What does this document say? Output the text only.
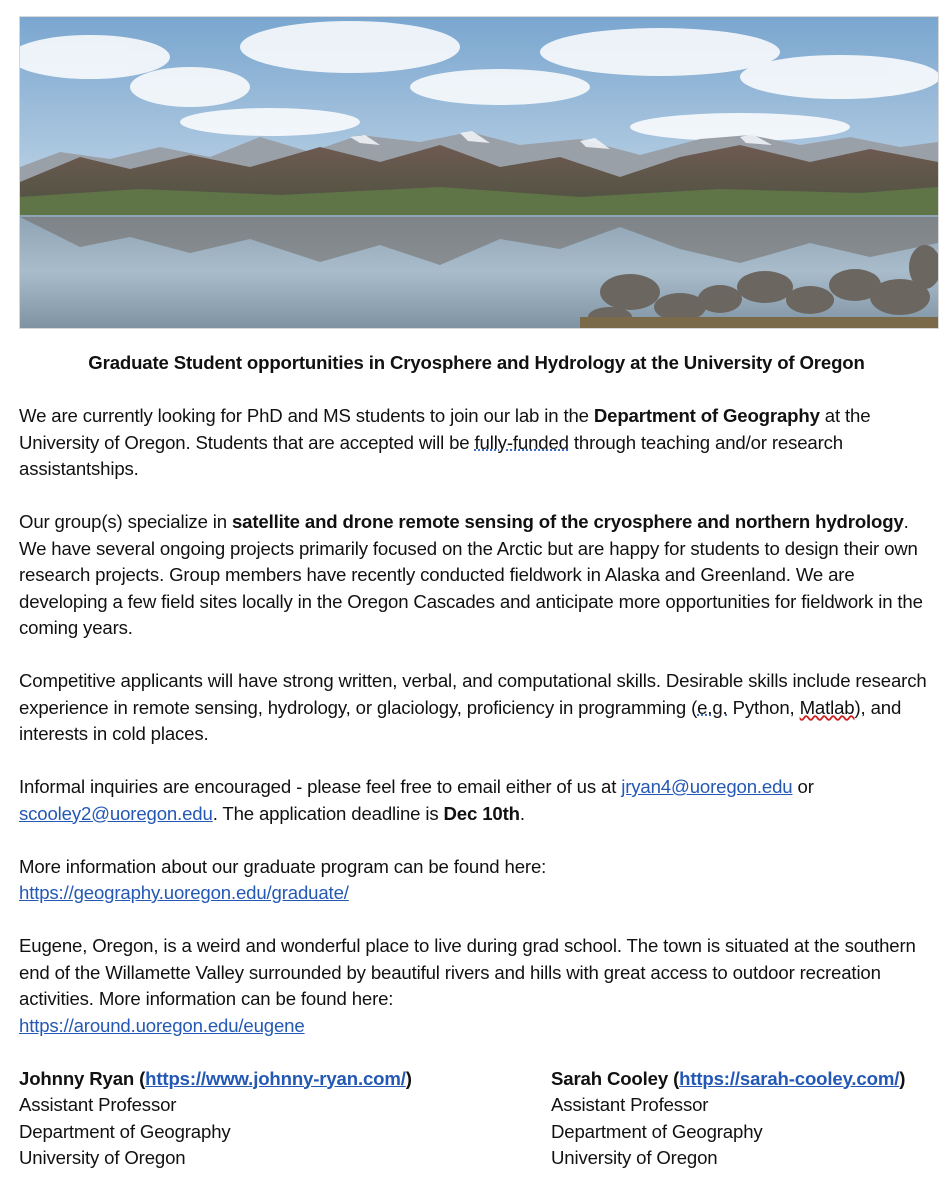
Graduate Student opportunities in Cryosphere and Hydrology at the University of Oregon

We are currently looking for PhD and MS students to join our lab in the Department of Geography at the University of Oregon. Students that are accepted will be fully-funded through teaching and/or research assistantships.

Our group(s) specialize in satellite and drone remote sensing of the cryosphere and northern hydrology. We have several ongoing projects primarily focused on the Arctic but are happy for students to design their own research projects. Group members have recently conducted fieldwork in Alaska and Greenland. We are developing a few field sites locally in the Oregon Cascades and anticipate more opportunities for fieldwork in the coming years.

Competitive applicants will have strong written, verbal, and computational skills. Desirable skills include research experience in remote sensing, hydrology, or glaciology, proficiency in programming (e.g. Python, Matlab), and interests in cold places.

Informal inquiries are encouraged - please feel free to email either of us at jryan4@uoregon.edu or scooley2@uoregon.edu. The application deadline is Dec 10th.

More information about our graduate program can be found here:
https://geography.uoregon.edu/graduate/

Eugene, Oregon, is a weird and wonderful place to live during grad school. The town is situated at the southern end of the Willamette Valley surrounded by beautiful rivers and hills with great access to outdoor recreation activities. More information can be found here:
https://around.uoregon.edu/eugene

Johnny Ryan (https://www.johnny-ryan.com/)
Assistant Professor
Department of Geography
University of Oregon
Sarah Cooley (https://sarah-cooley.com/)
Assistant Professor
Department of Geography
University of Oregon
